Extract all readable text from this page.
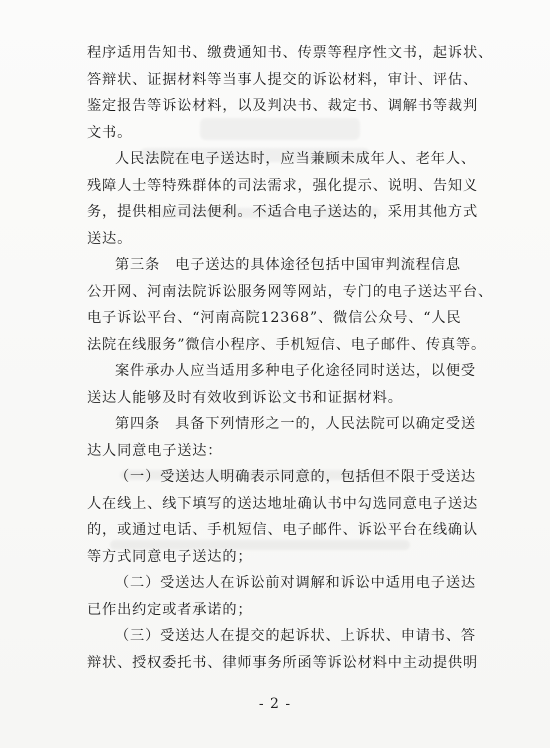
程序适用告知书、缴费通知书、传票等程序性文书，起诉状、
答辩状、证据材料等当事人提交的诉讼材料，审计、评估、
鉴定报告等诉讼材料，以及判决书、裁定书、调解书等裁判
文书。
人民法院在电子送达时，应当兼顾未成年人、老年人、
残障人士等特殊群体的司法需求，强化提示、说明、告知义
务，提供相应司法便利。不适合电子送达的，采用其他方式
送达。
第三条　电子送达的具体途径包括中国审判流程信息
公开网、河南法院诉讼服务网等网站，专门的电子送达平台、
电子诉讼平台、“河南高院12368”、微信公众号、“人民
法院在线服务”微信小程序、手机短信、电子邮件、传真等。
案件承办人应当适用多种电子化途径同时送达，以便受
送达人能够及时有效收到诉讼文书和证据材料。
第四条　具备下列情形之一的，人民法院可以确定受送
达人同意电子送达：
（一）受送达人明确表示同意的，包括但不限于受送达
人在线上、线下填写的送达地址确认书中勾选同意电子送达
的，或通过电话、手机短信、电子邮件、诉讼平台在线确认
等方式同意电子送达的；
（二）受送达人在诉讼前对调解和诉讼中适用电子送达
已作出约定或者承诺的；
（三）受送达人在提交的起诉状、上诉状、申请书、答
辩状、授权委托书、律师事务所函等诉讼材料中主动提供明
- 2 -
